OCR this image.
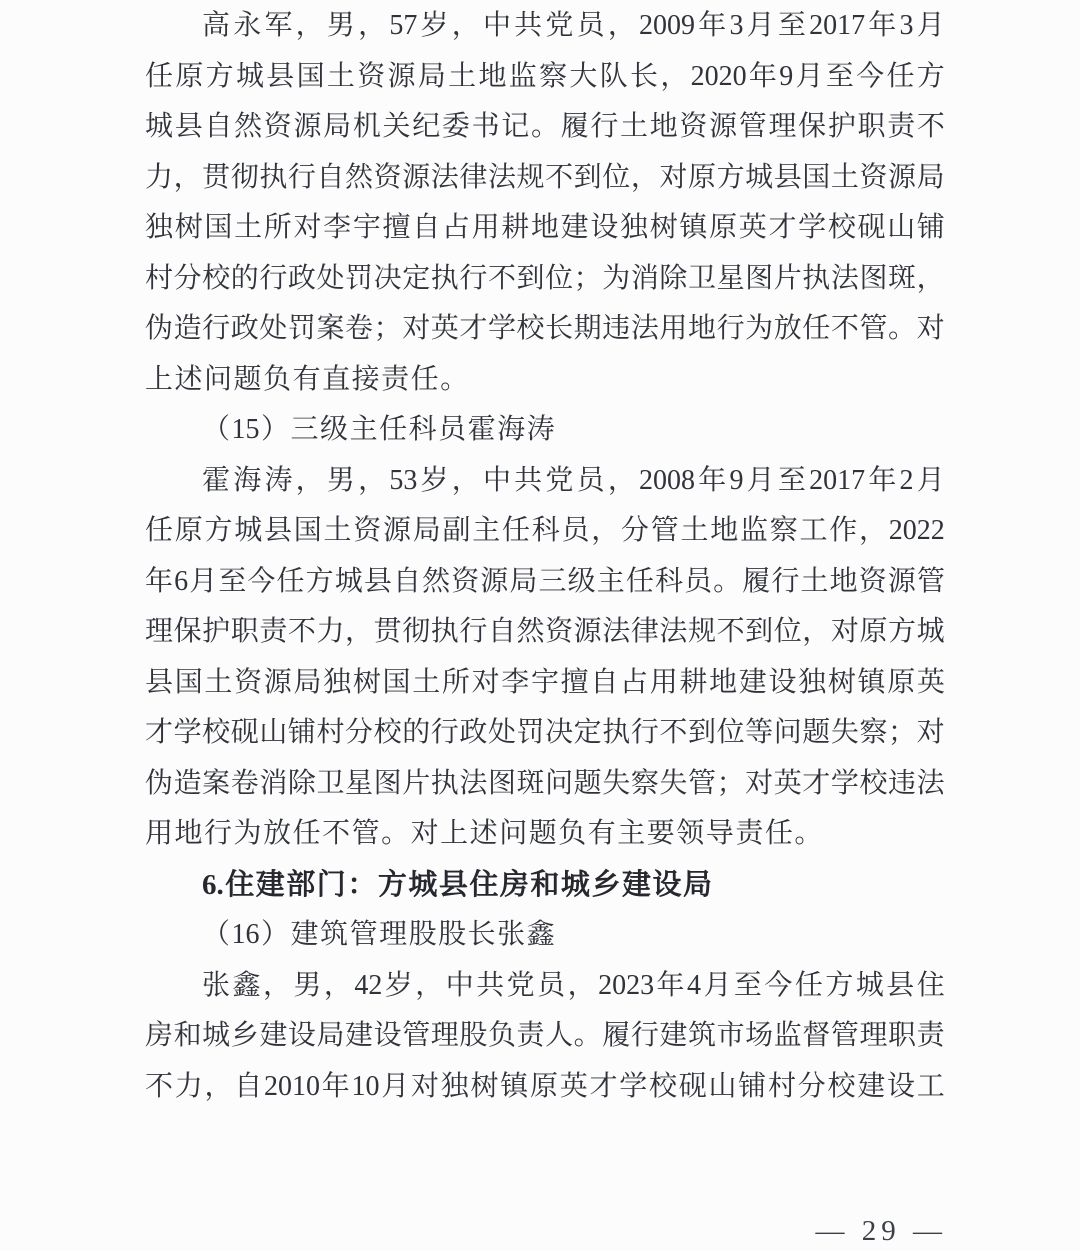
高 永 军 ， 男 ， 57 岁 ， 中 共 党 员 ， 2009 年 3 月 至 2017 年 3 月
任 原 方 城 县 国 土 资 源 局 土 地 监 察 大 队 长 ， 2020 年 9 月 至 今 任 方
城 县 自 然 资 源 局 机 关 纪 委 书 记 。 履 行 土 地 资 源 管 理 保 护 职 责 不
力 ， 贯 彻 执 行 自 然 资 源 法 律 法 规 不 到 位 ， 对 原 方 城 县 国 土 资 源 局
独 树 国 土 所 对 李 宇 擅 自 占 用 耕 地 建 设 独 树 镇 原 英 才 学 校 砚 山 铺
村 分 校 的 行 政 处 罚 决 定 执 行 不 到 位 ； 为 消 除 卫 星 图 片 执 法 图 斑 ，
伪 造 行 政 处 罚 案 卷 ； 对 英 才 学 校 长 期 违 法 用 地 行 为 放 任 不 管 。 对
上 述 问 题 负 有 直 接 责 任 。
（ 15 ） 三 级 主 任 科 员 霍 海 涛
霍 海 涛 ， 男 ， 53 岁 ， 中 共 党 员 ， 2008 年 9 月 至 2017 年 2 月
任 原 方 城 县 国 土 资 源 局 副 主 任 科 员 ， 分 管 土 地 监 察 工 作 ， 2022
年 6 月 至 今 任 方 城 县 自 然 资 源 局 三 级 主 任 科 员 。 履 行 土 地 资 源 管
理 保 护 职 责 不 力 ， 贯 彻 执 行 自 然 资 源 法 律 法 规 不 到 位 ， 对 原 方 城
县 国 土 资 源 局 独 树 国 土 所 对 李 宇 擅 自 占 用 耕 地 建 设 独 树 镇 原 英
才 学 校 砚 山 铺 村 分 校 的 行 政 处 罚 决 定 执 行 不 到 位 等 问 题 失 察 ； 对
伪 造 案 卷 消 除 卫 星 图 片 执 法 图 斑 问 题 失 察 失 管 ； 对 英 才 学 校 违 法
用 地 行 为 放 任 不 管 。 对 上 述 问 题 负 有 主 要 领 导 责 任 。
6. 住 建 部 门 ： 方 城 县 住 房 和 城 乡 建 设 局
（ 16 ） 建 筑 管 理 股 股 长 张 鑫
张 鑫 ， 男 ， 42 岁 ， 中 共 党 员 ， 2023 年 4 月 至 今 任 方 城 县 住
房 和 城 乡 建 设 局 建 设 管 理 股 负 责 人 。 履 行 建 筑 市 场 监 督 管 理 职 责
不 力 ， 自 2010 年 10 月 对 独 树 镇 原 英 才 学 校 砚 山 铺 村 分 校 建 设 工
— 29 —
